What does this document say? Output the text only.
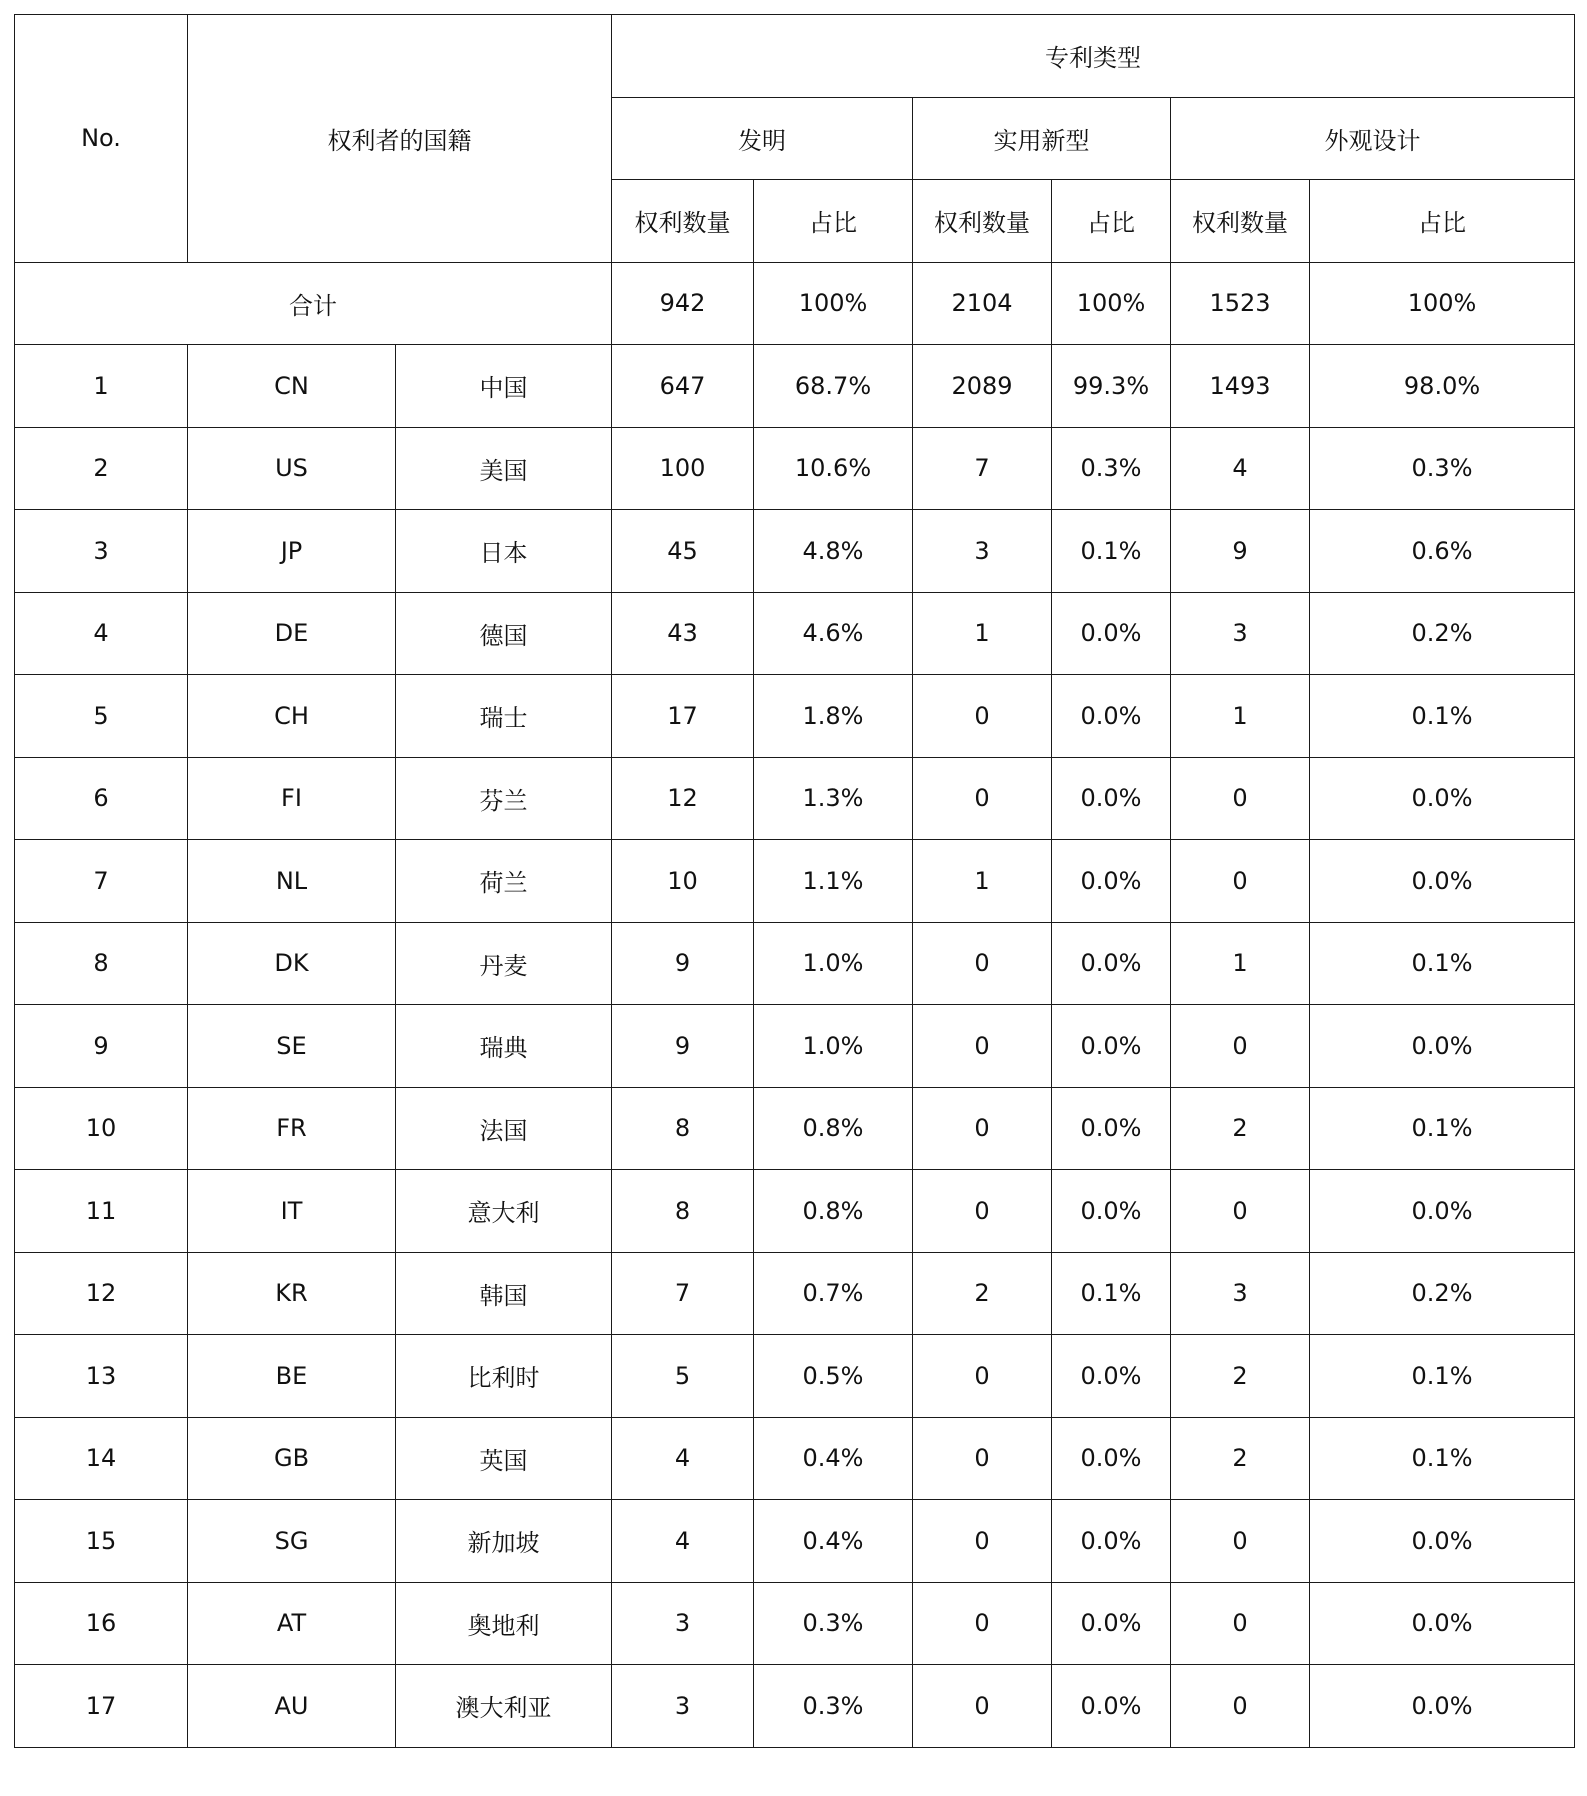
No.	权利者的国籍		专利类型					
			发明		实用新型		外观设计	
			权利数量	占比	权利数量	占比	权利数量	占比
合计			942	100%	2104	100%	1523	100%
1	CN	中国	647	68.7%	2089	99.3%	1493	98.0%
2	US	美国	100	10.6%	7	0.3%	4	0.3%
3	JP	日本	45	4.8%	3	0.1%	9	0.6%
4	DE	德国	43	4.6%	1	0.0%	3	0.2%
5	CH	瑞士	17	1.8%	0	0.0%	1	0.1%
6	FI	芬兰	12	1.3%	0	0.0%	0	0.0%
7	NL	荷兰	10	1.1%	1	0.0%	0	0.0%
8	DK	丹麦	9	1.0%	0	0.0%	1	0.1%
9	SE	瑞典	9	1.0%	0	0.0%	0	0.0%
10	FR	法国	8	0.8%	0	0.0%	2	0.1%
11	IT	意大利	8	0.8%	0	0.0%	0	0.0%
12	KR	韩国	7	0.7%	2	0.1%	3	0.2%
13	BE	比利时	5	0.5%	0	0.0%	2	0.1%
14	GB	英国	4	0.4%	0	0.0%	2	0.1%
15	SG	新加坡	4	0.4%	0	0.0%	0	0.0%
16	AT	奥地利	3	0.3%	0	0.0%	0	0.0%
17	AU	澳大利亚	3	0.3%	0	0.0%	0	0.0%
